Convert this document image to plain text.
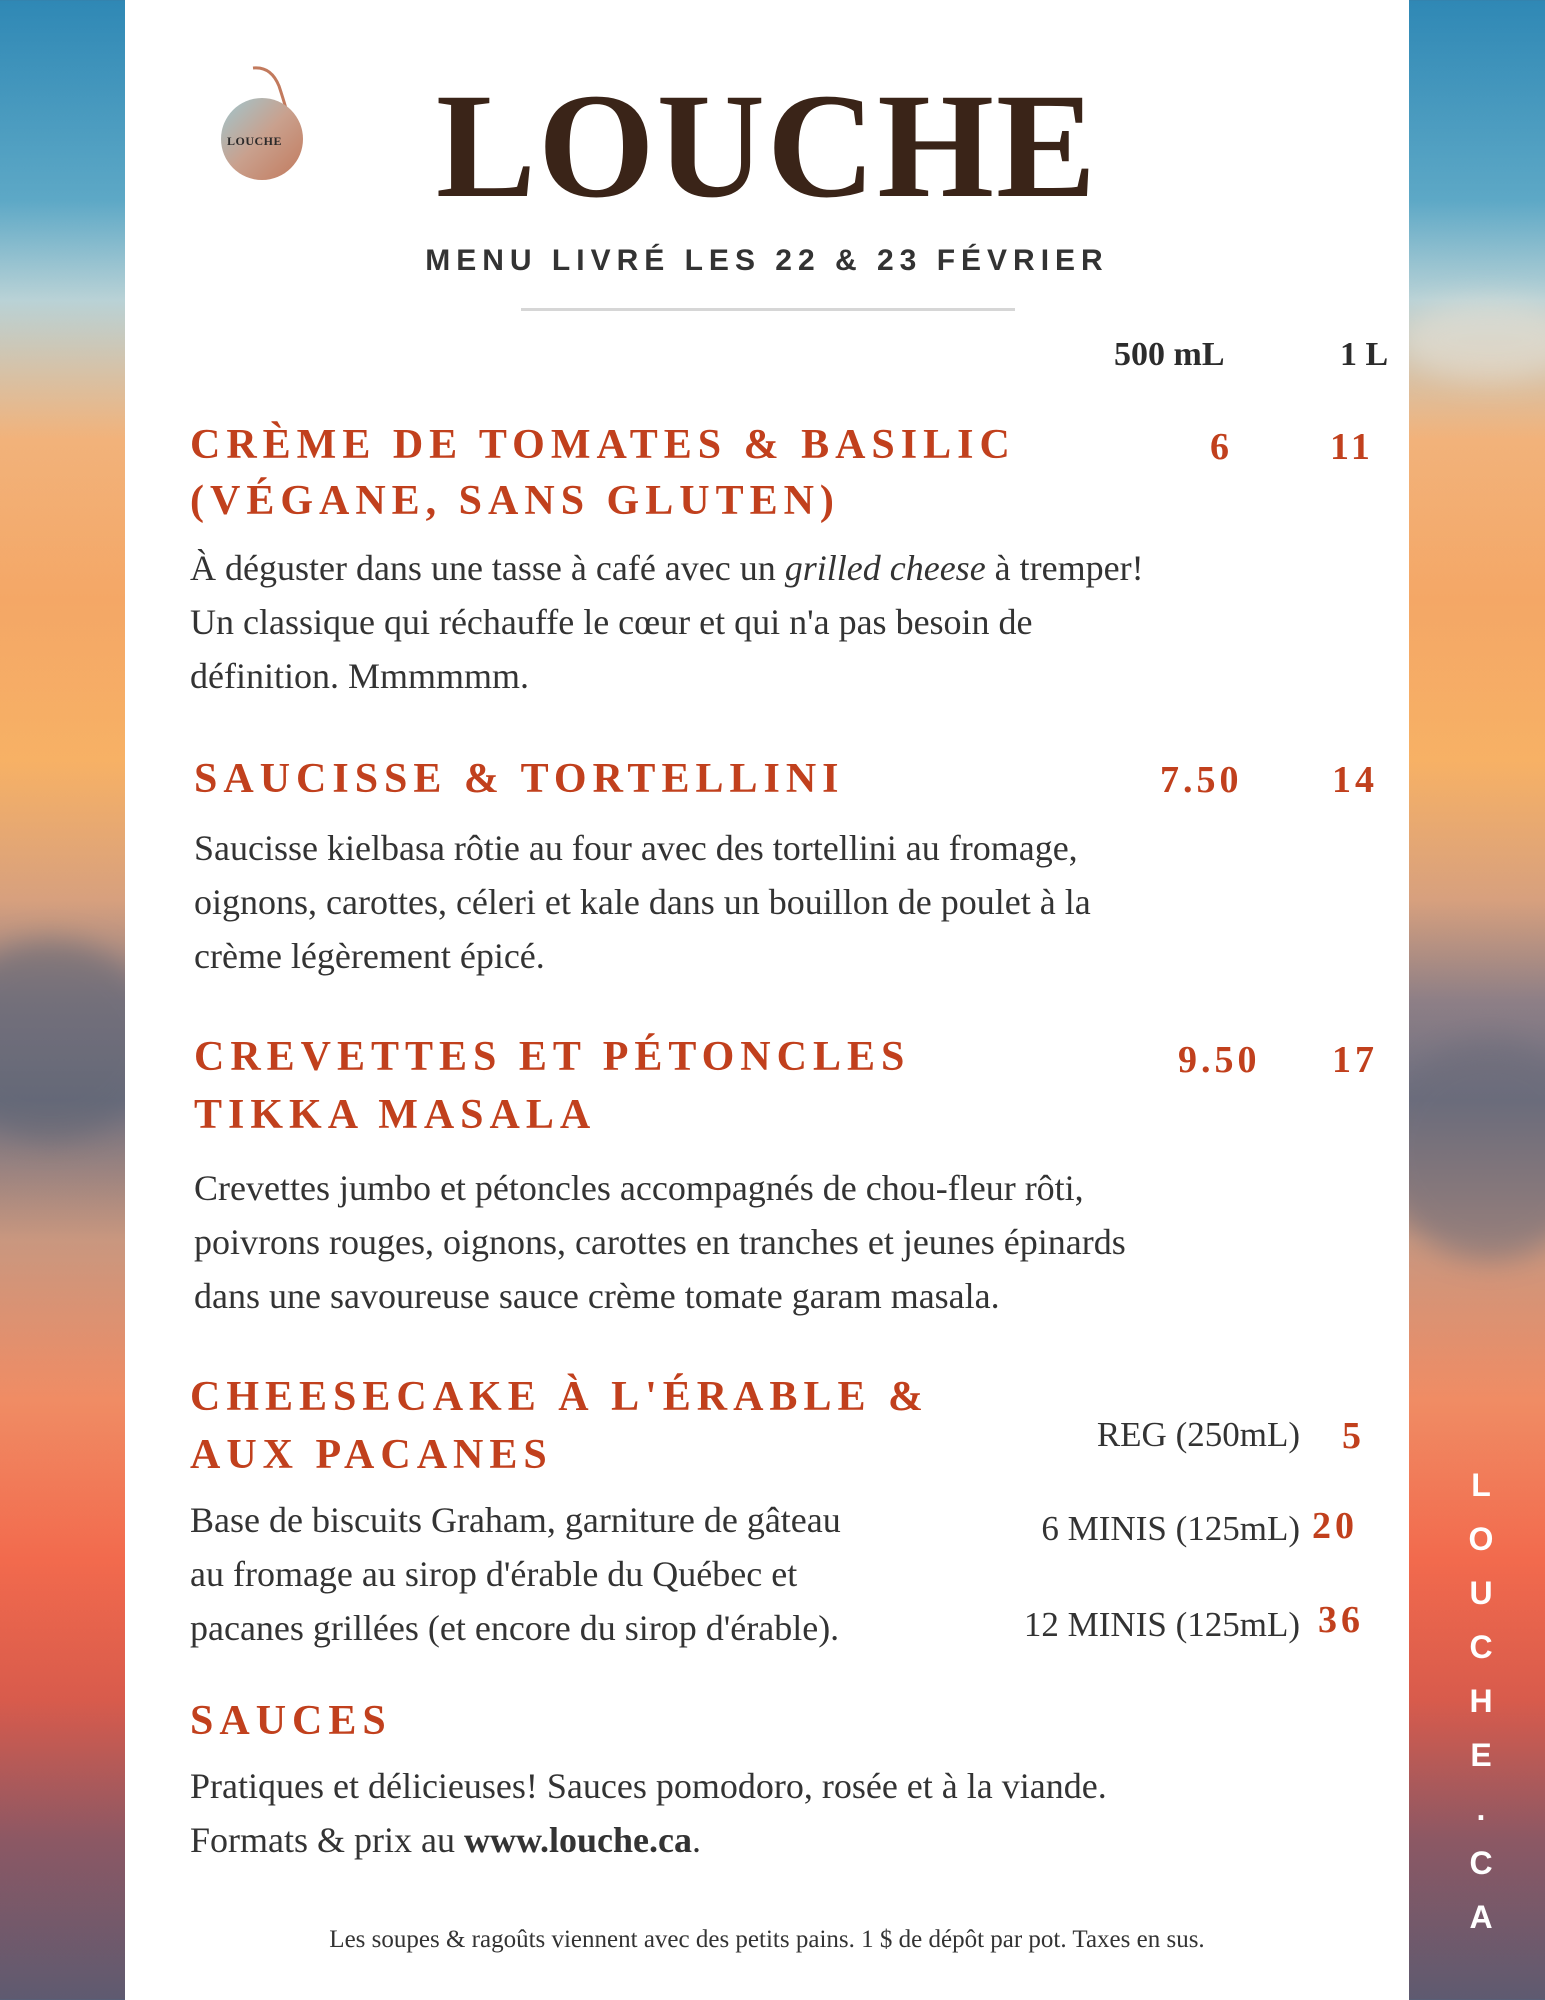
LOUCHE	LOUCHE
MENU LIVRÉ LES 22 & 23 FÉVRIER
500 mL	1 L
CRÈME DE TOMATES & BASILIC
(VÉGANE, SANS GLUTEN)
6	11

À déguster dans une tasse à café avec un grilled cheese à tremper!
Un classique qui réchauffe le cœur et qui n'a pas besoin de
définition. Mmmmmm.

SAUCISSE & TORTELLINI	7.50 14

Saucisse kielbasa rôtie au four avec des tortellini au fromage,
oignons, carottes, céleri et kale dans un bouillon de poulet à la
crème légèrement épicé.

CREVETTES ET PÉTONCLES
TIKKA MASALA
9.50 17

Crevettes jumbo et pétoncles accompagnés de chou-fleur rôti,
poivrons rouges, oignons, carottes en tranches et jeunes épinards
dans une savoureuse sauce crème tomate garam masala.

CHEESECAKE À L'ÉRABLE &
AUX PACANES

Base de biscuits Graham, garniture de gâteau
au fromage au sirop d'érable du Québec et
pacanes grillées (et encore du sirop d'érable).

REG (250mL) 5
6 MINIS (125mL) 20
12 MINIS (125mL) 36
SAUCES

Pratiques et délicieuses! Sauces pomodoro, rosée et à la viande.
Formats & prix au www.louche.ca.

Les soupes & ragoûts viennent avec des petits pains. 1 $ de dépôt par pot. Taxes en sus.
L
O
U
C
H
E
.
C
A
